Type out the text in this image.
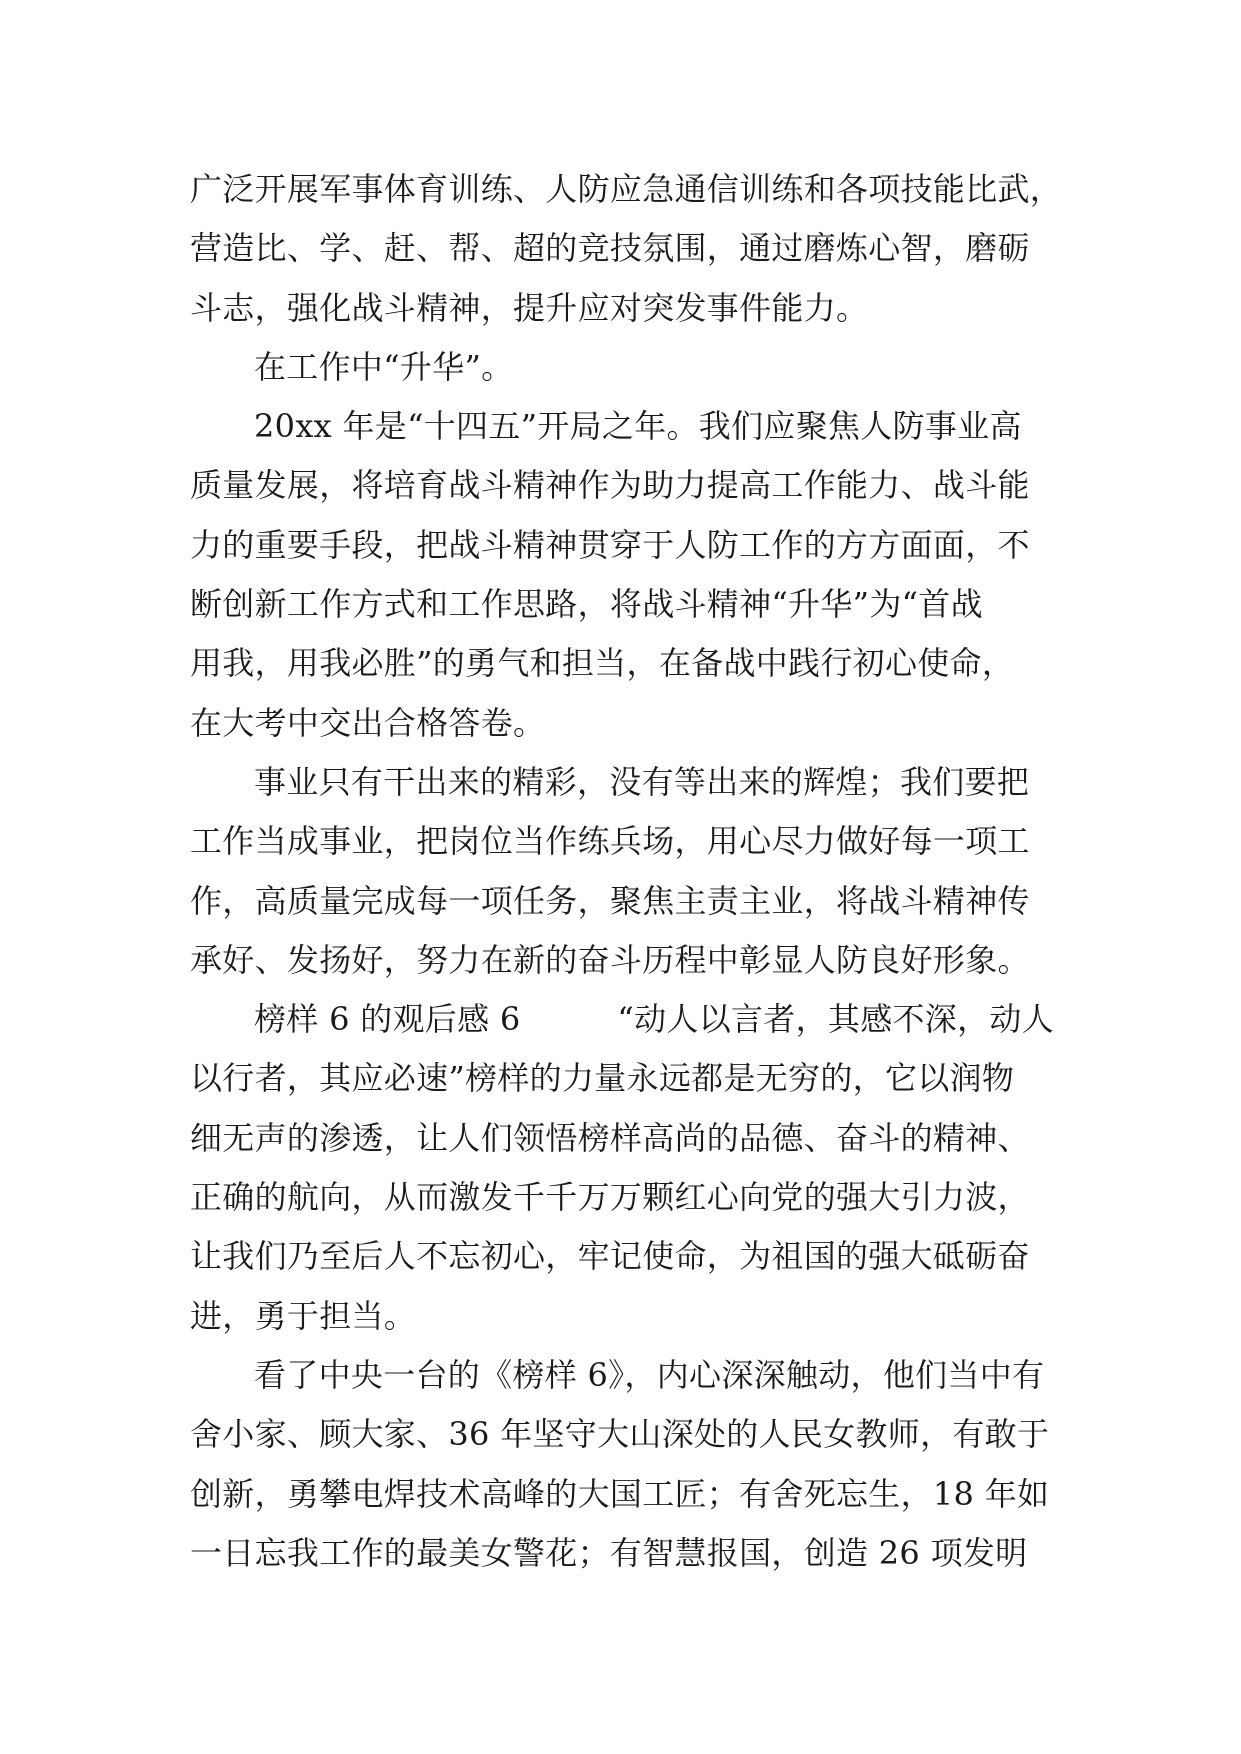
广泛开展军事体育训练、人防应急通信训练和各项技能比武，
营造比、学、赶、帮、超的竞技氛围，通过磨炼心智，磨砺
斗志，强化战斗精神，提升应对突发事件能力。
在工作中“升华”。
20xx 年是“十四五”开局之年。我们应聚焦人防事业高
质量发展，将培育战斗精神作为助力提高工作能力、战斗能
力的重要手段，把战斗精神贯穿于人防工作的方方面面，不
断创新工作方式和工作思路，将战斗精神“升华”为“首战
用我，用我必胜”的勇气和担当，在备战中践行初心使命，
在大考中交出合格答卷。
事业只有干出来的精彩，没有等出来的辉煌；我们要把
工作当成事业，把岗位当作练兵场，用心尽力做好每一项工
作，高质量完成每一项任务，聚焦主责主业，将战斗精神传
承好、发扬好，努力在新的奋斗历程中彰显人防良好形象。
榜样 6 的观后感 6　　　“动人以言者，其感不深，动人
以行者，其应必速”榜样的力量永远都是无穷的，它以润物
细无声的渗透，让人们领悟榜样高尚的品德、奋斗的精神、
正确的航向，从而激发千千万万颗红心向党的强大引力波，
让我们乃至后人不忘初心，牢记使命，为祖国的强大砥砺奋
进，勇于担当。
看了中央一台的《榜样 6》，内心深深触动，他们当中有
舍小家、顾大家、36 年坚守大山深处的人民女教师，有敢于
创新，勇攀电焊技术高峰的大国工匠；有舍死忘生，18 年如
一日忘我工作的最美女警花；有智慧报国，创造 26 项发明
